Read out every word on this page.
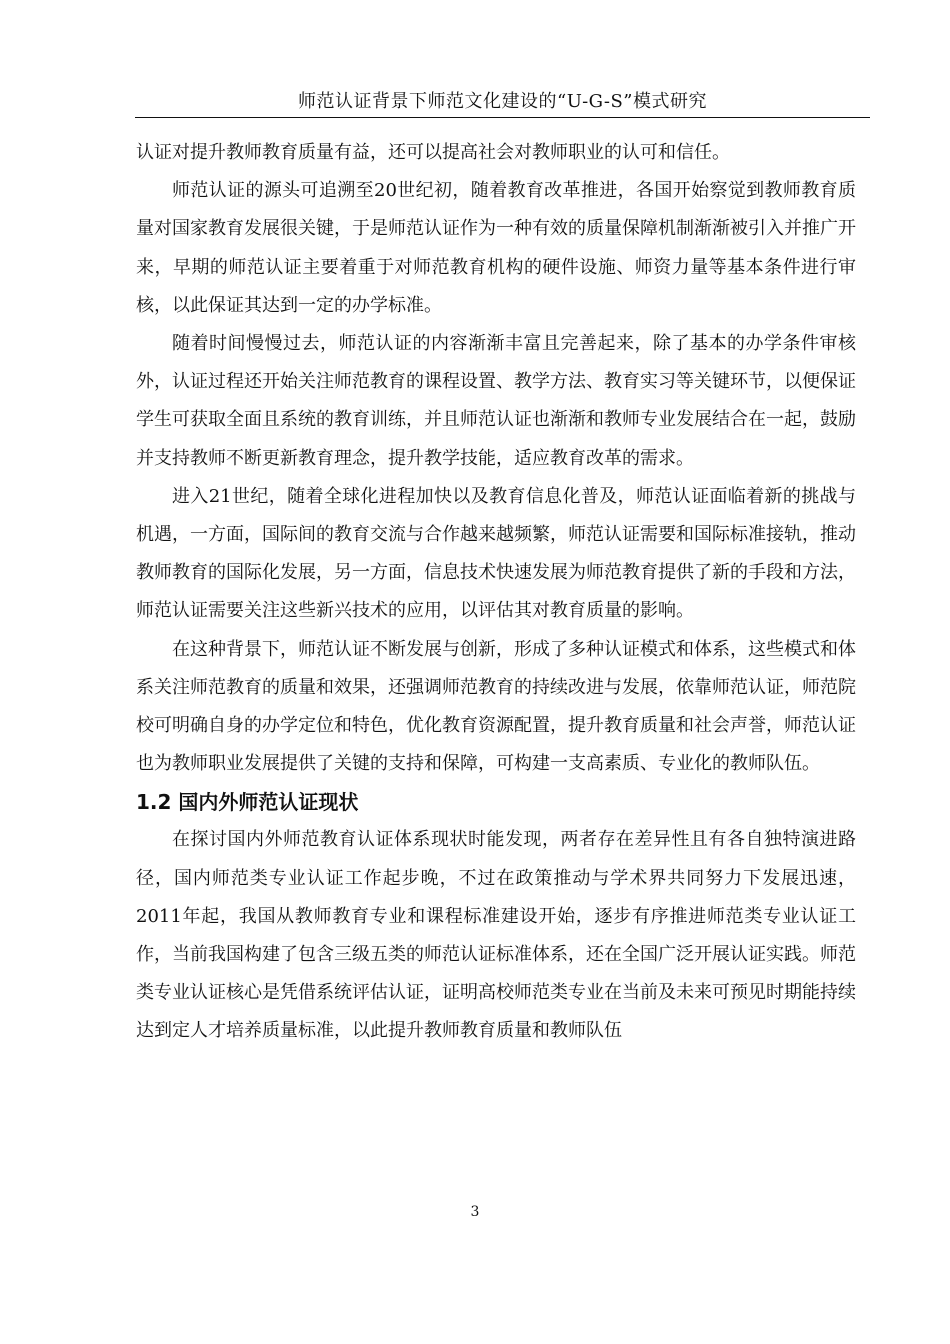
师范认证背景下师范文化建设的“U-G-S”模式研究

认证对提升教师教育质量有益，还可以提高社会对教师职业的认可和信任。

师范认证的源头可追溯至20世纪初，随着教育改革推进，各国开始察觉到教师教育质量对国家教育发展很关键，于是师范认证作为一种有效的质量保障机制渐渐被引入并推广开来，早期的师范认证主要着重于对师范教育机构的硬件设施、师资力量等基本条件进行审核，以此保证其达到一定的办学标准。

随着时间慢慢过去，师范认证的内容渐渐丰富且完善起来，除了基本的办学条件审核外，认证过程还开始关注师范教育的课程设置、教学方法、教育实习等关键环节，以便保证学生可获取全面且系统的教育训练，并且师范认证也渐渐和教师专业发展结合在一起，鼓励并支持教师不断更新教育理念，提升教学技能，适应教育改革的需求。

进入21世纪，随着全球化进程加快以及教育信息化普及，师范认证面临着新的挑战与机遇，一方面，国际间的教育交流与合作越来越频繁，师范认证需要和国际标准接轨，推动教师教育的国际化发展，另一方面，信息技术快速发展为师范教育提供了新的手段和方法，师范认证需要关注这些新兴技术的应用，以评估其对教育质量的影响。

在这种背景下，师范认证不断发展与创新，形成了多种认证模式和体系，这些模式和体系关注师范教育的质量和效果，还强调师范教育的持续改进与发展，依靠师范认证，师范院校可明确自身的办学定位和特色，优化教育资源配置，提升教育质量和社会声誉，师范认证也为教师职业发展提供了关键的支持和保障，可构建一支高素质、专业化的教师队伍。

1.2 国内外师范认证现状

在探讨国内外师范教育认证体系现状时能发现，两者存在差异性且有各自独特演进路径，国内师范类专业认证工作起步晚，不过在政策推动与学术界共同努力下发展迅速，2011年起，我国从教师教育专业和课程标准建设开始，逐步有序推进师范类专业认证工作，当前我国构建了包含三级五类的师范认证标准体系，还在全国广泛开展认证实践。师范类专业认证核心是凭借系统评估认证，证明高校师范类专业在当前及未来可预见时期能持续达到定人才培养质量标准，以此提升教师教育质量和教师队伍

3
